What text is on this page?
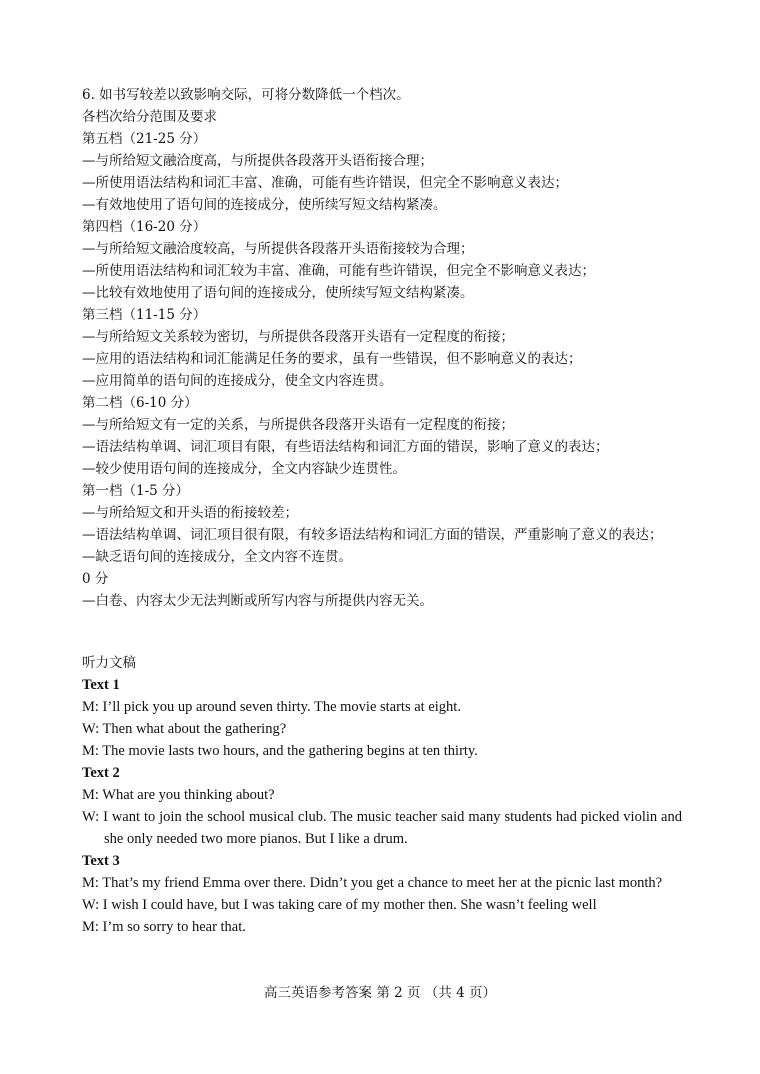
6. 如书写较差以致影响交际，可将分数降低一个档次。
各档次给分范围及要求
第五档（21-25 分）
—与所给短文融洽度高，与所提供各段落开头语衔接合理；
—所使用语法结构和词汇丰富、准确，可能有些许错误，但完全不影响意义表达；
—有效地使用了语句间的连接成分，使所续写短文结构紧凑。
第四档（16-20 分）
—与所给短文融洽度较高，与所提供各段落开头语衔接较为合理；
—所使用语法结构和词汇较为丰富、准确，可能有些许错误，但完全不影响意义表达；
—比较有效地使用了语句间的连接成分，使所续写短文结构紧凑。
第三档（11-15 分）
—与所给短文关系较为密切，与所提供各段落开头语有一定程度的衔接；
—应用的语法结构和词汇能满足任务的要求，虽有一些错误，但不影响意义的表达；
—应用简单的语句间的连接成分，使全文内容连贯。
第二档（6-10 分）
—与所给短文有一定的关系，与所提供各段落开头语有一定程度的衔接；
—语法结构单调、词汇项目有限，有些语法结构和词汇方面的错误，影响了意义的表达；
—较少使用语句间的连接成分，全文内容缺少连贯性。
第一档（1-5 分）
—与所给短文和开头语的衔接较差；
—语法结构单调、词汇项目很有限，有较多语法结构和词汇方面的错误，严重影响了意义的表达；
—缺乏语句间的连接成分，全文内容不连贯。
0 分
—白卷、内容太少无法判断或所写内容与所提供内容无关。
听力文稿
Text 1
M: I’ll pick you up around seven thirty. The movie starts at eight.
W: Then what about the gathering?
M: The movie lasts two hours, and the gathering begins at ten thirty.
Text 2
M: What are you thinking about?
W: I want to join the school musical club. The music teacher said many students had picked violin and she only needed two more pianos. But I like a drum.
Text 3
M: That’s my friend Emma over there. Didn’t you get a chance to meet her at the picnic last month?
W: I wish I could have, but I was taking care of my mother then. She wasn’t feeling well
M: I’m so sorry to hear that.
高三英语参考答案 第 2 页 （共 4 页）
